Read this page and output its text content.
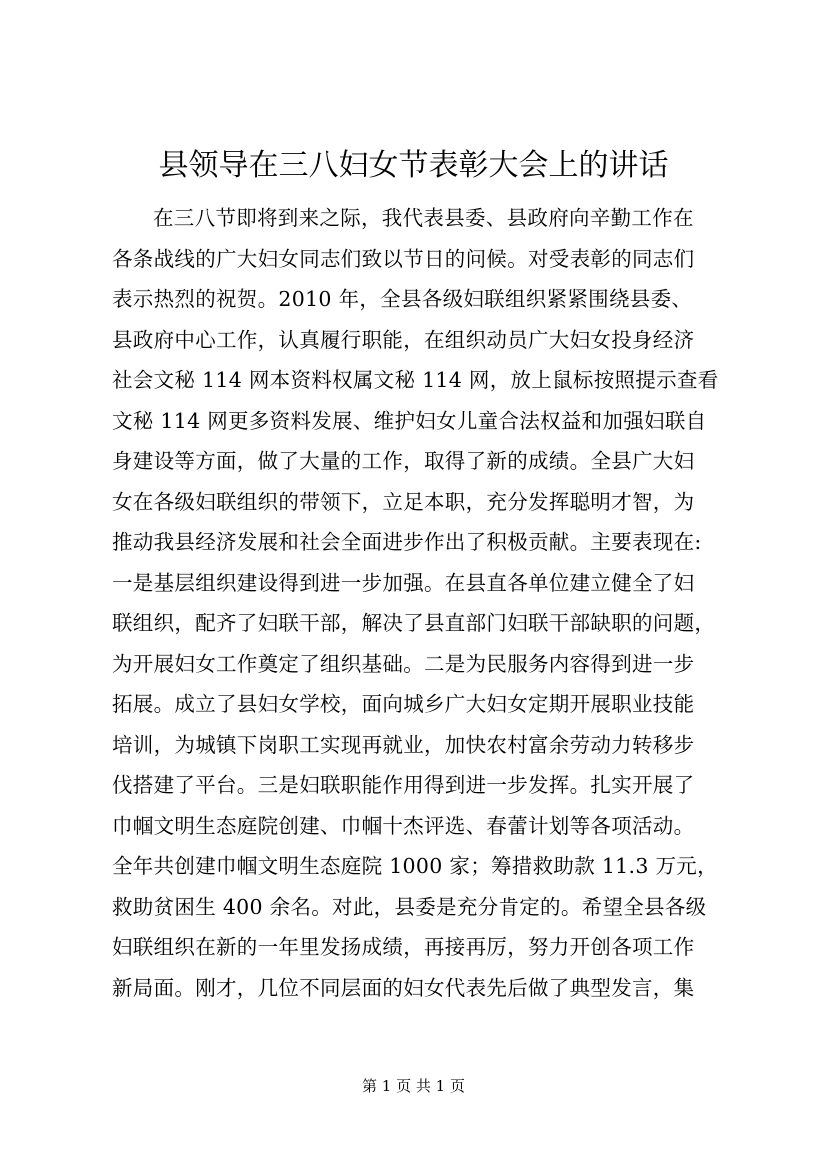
县领导在三八妇女节表彰大会上的讲话
在三八节即将到来之际，我代表县委、县政府向辛勤工作在
各条战线的广大妇女同志们致以节日的问候。对受表彰的同志们
表示热烈的祝贺。2010 年，全县各级妇联组织紧紧围绕县委、
县政府中心工作，认真履行职能，在组织动员广大妇女投身经济
社会文秘 114 网本资料权属文秘 114 网，放上鼠标按照提示查看
文秘 114 网更多资料发展、维护妇女儿童合法权益和加强妇联自
身建设等方面，做了大量的工作，取得了新的成绩。全县广大妇
女在各级妇联组织的带领下，立足本职，充分发挥聪明才智，为
推动我县经济发展和社会全面进步作出了积极贡献。主要表现在:
一是基层组织建设得到进一步加强。在县直各单位建立健全了妇
联组织，配齐了妇联干部，解决了县直部门妇联干部缺职的问题，
为开展妇女工作奠定了组织基础。二是为民服务内容得到进一步
拓展。成立了县妇女学校，面向城乡广大妇女定期开展职业技能
培训，为城镇下岗职工实现再就业，加快农村富余劳动力转移步
伐搭建了平台。三是妇联职能作用得到进一步发挥。扎实开展了
巾帼文明生态庭院创建、巾帼十杰评选、春蕾计划等各项活动。
全年共创建巾帼文明生态庭院 1000 家；筹措救助款 11.3 万元，
救助贫困生 400 余名。对此，县委是充分肯定的。希望全县各级
妇联组织在新的一年里发扬成绩，再接再厉，努力开创各项工作
新局面。刚才，几位不同层面的妇女代表先后做了典型发言，集
第 1 页 共 1 页
